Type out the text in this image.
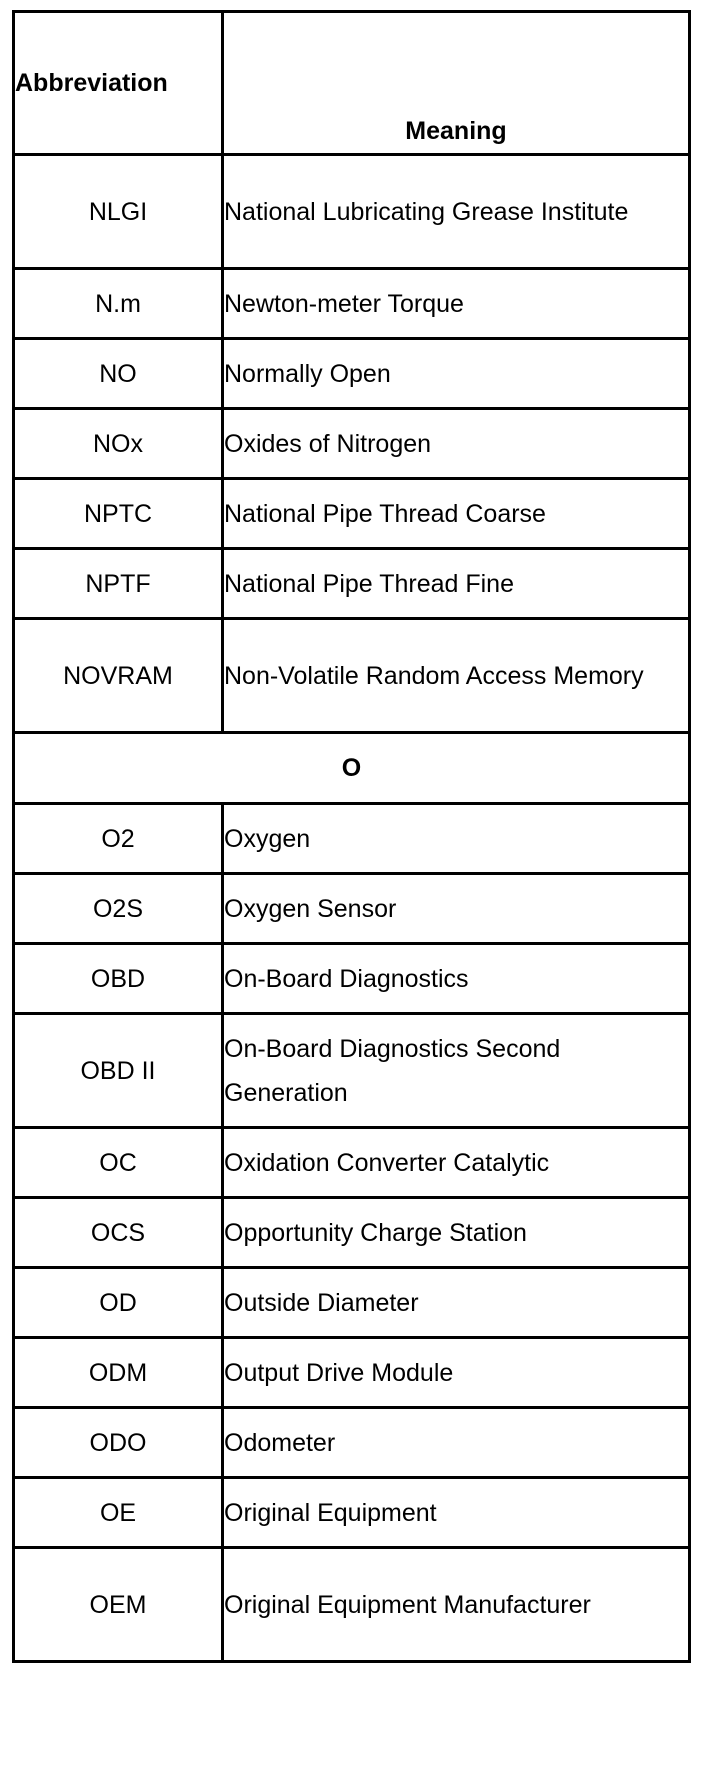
Abbreviation	Meaning
NLGI	National Lubricating Grease Institute
N.m	Newton-meter Torque
NO	Normally Open
NOx	Oxides of Nitrogen
NPTC	National Pipe Thread Coarse
NPTF	National Pipe Thread Fine
NOVRAM	Non-Volatile Random Access Memory
O	
O2	Oxygen
O2S	Oxygen Sensor
OBD	On-Board Diagnostics
OBD II	On-Board Diagnostics Second Generation
OC	Oxidation Converter Catalytic
OCS	Opportunity Charge Station
OD	Outside Diameter
ODM	Output Drive Module
ODO	Odometer
OE	Original Equipment
OEM	Original Equipment Manufacturer
